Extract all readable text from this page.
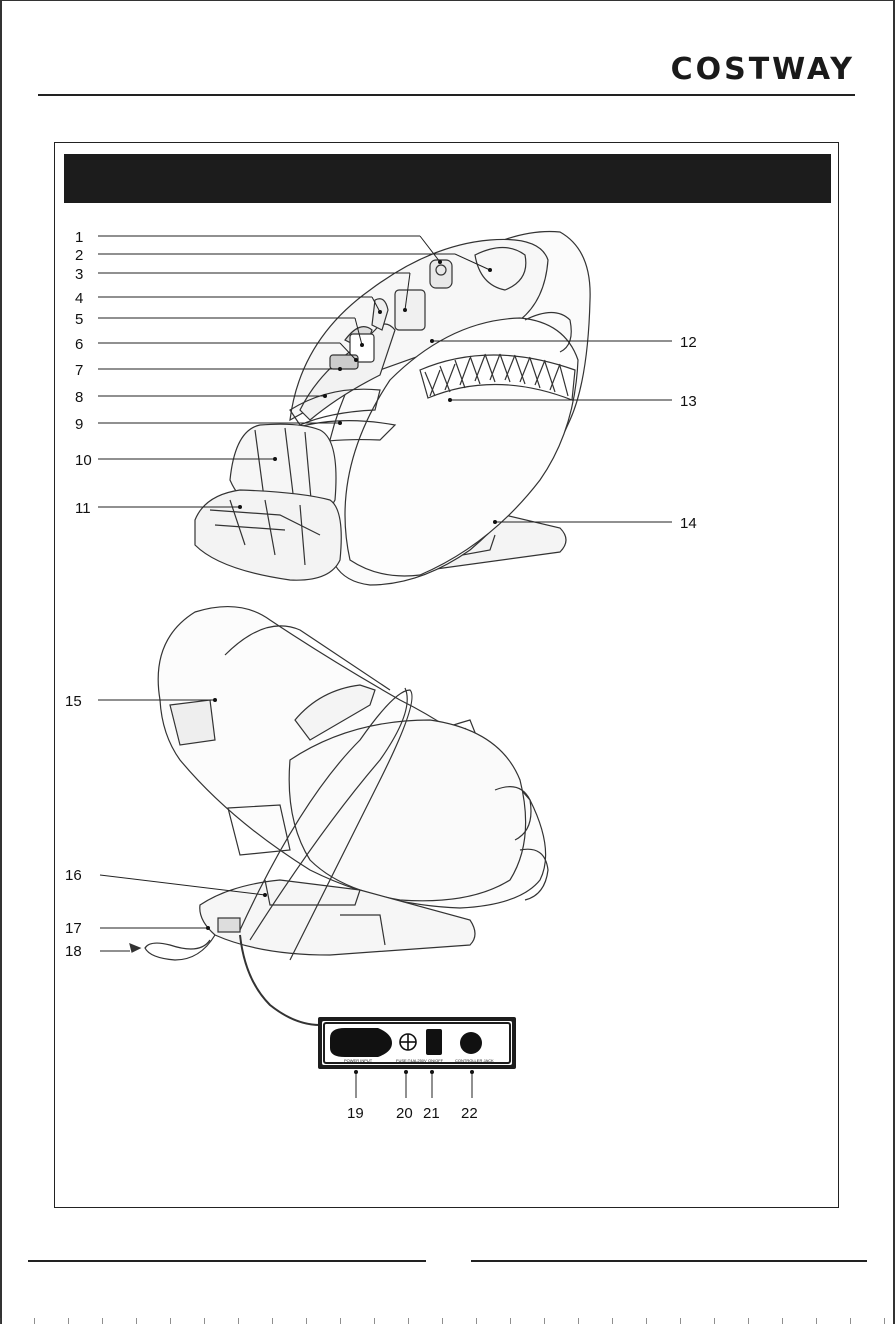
COSTWAY
1
2
3
4
5
6
7
8
9
10
11
12
13
14
15
16
17
18
POWER INPUT	FUSE:T4AL250V ON/OFF	CONTROLLER JACK
19 20 21 22
